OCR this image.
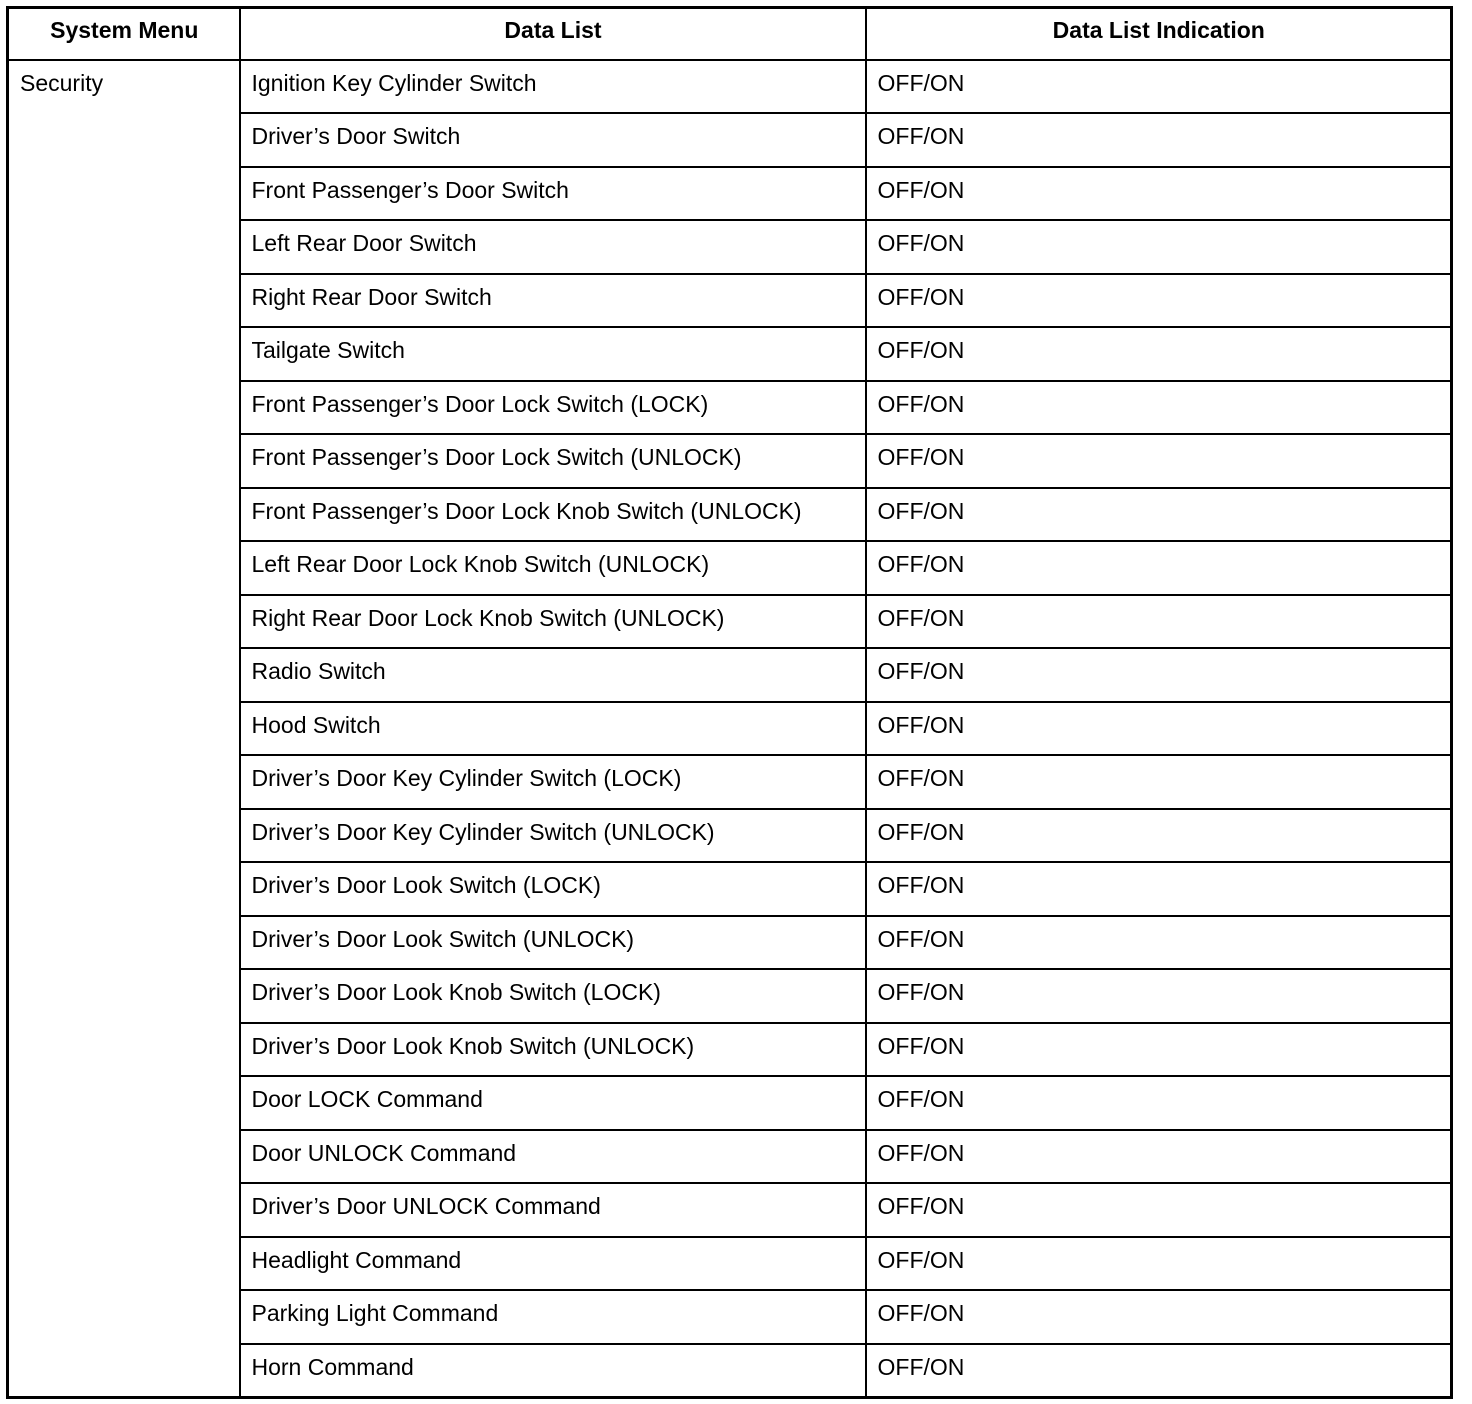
System Menu	Data List	Data List Indication
Security	Ignition Key Cylinder Switch	OFF/ON
	Driver’s Door Switch	OFF/ON
	Front Passenger’s Door Switch	OFF/ON
	Left Rear Door Switch	OFF/ON
	Right Rear Door Switch	OFF/ON
	Tailgate Switch	OFF/ON
	Front Passenger’s Door Lock Switch (LOCK)	OFF/ON
	Front Passenger’s Door Lock Switch (UNLOCK)	OFF/ON
	Front Passenger’s Door Lock Knob Switch (UNLOCK)	OFF/ON
	Left Rear Door Lock Knob Switch (UNLOCK)	OFF/ON
	Right Rear Door Lock Knob Switch (UNLOCK)	OFF/ON
	Radio Switch	OFF/ON
	Hood Switch	OFF/ON
	Driver’s Door Key Cylinder Switch (LOCK)	OFF/ON
	Driver’s Door Key Cylinder Switch (UNLOCK)	OFF/ON
	Driver’s Door Look Switch (LOCK)	OFF/ON
	Driver’s Door Look Switch (UNLOCK)	OFF/ON
	Driver’s Door Look Knob Switch (LOCK)	OFF/ON
	Driver’s Door Look Knob Switch (UNLOCK)	OFF/ON
	Door LOCK Command	OFF/ON
	Door UNLOCK Command	OFF/ON
	Driver’s Door UNLOCK Command	OFF/ON
	Headlight Command	OFF/ON
	Parking Light Command	OFF/ON
	Horn Command	OFF/ON
